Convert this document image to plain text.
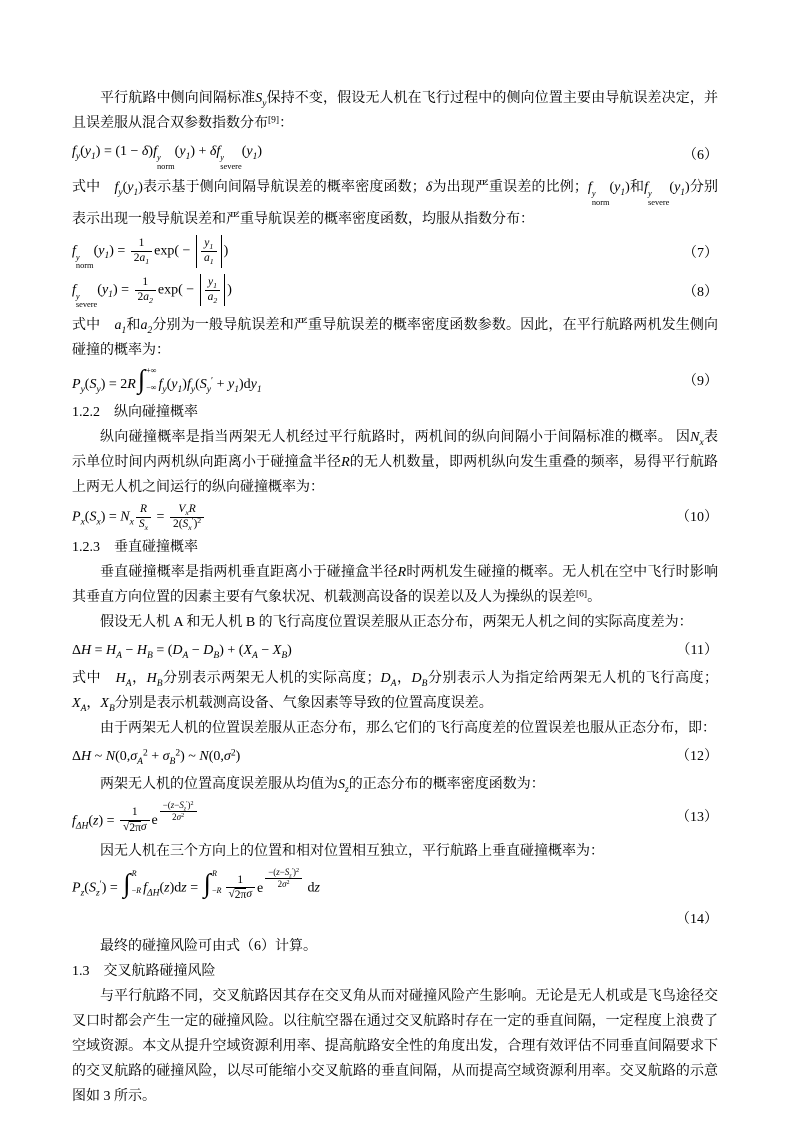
平行航路中侧向间隔标准$S_y$保持不变，假设无人机在飞行过程中的侧向位置主要由导航误差决定，并且误差服从混合双参数指数分布[9]：
$f_y(y_1) = (1 - \delta)f$ y
norm
$(y_1) + \delta f$ y
severe
$(y_1)$	（6）
式中　$f_y(y_1)$表示基于侧向间隔导航误差的概率密度函数；δ为出现严重误差的比例；f y
norm
$(y_1)$和f y
severe
$(y_1)$分别表示出现一般导航误差和严重导航误差的概率密度函数，均服从指数分布：
f y
norm
$(y_1) = \frac{1}{2a_1} \exp( - \frac{y_1}{a_1}$ )	（7）
f y
severe
$(y_1) = \frac{1}{2a_2} \exp( - \frac{y_1}{a_2}$ )	（8）
式中　$a_1$和$a_2$分别为一般导航误差和严重导航误差的概率密度函数参数。因此，在平行航路两机发生侧向碰撞的概率为：
$P_y(S_y) = 2R$ ∫ +∞
−∞ $f_y(y_1)f_y(S_y' + y_1)dy_1$
（9）
1.2.2　纵向碰撞概率
纵向碰撞概率是指当两架无人机经过平行航路时，两机间的纵向间隔小于间隔标准的概率。 因$N_x$表示单位时间内两机纵向距离小于碰撞盒半径R的无人机数量，即两机纵向发生重叠的频率，易得平行航路上两无人机之间运行的纵向碰撞概率为：
$P_x(S_x) = N_x \frac{R}{S_x} = \frac{V_xR}{2(S_x')^2}$	（10）
1.2.3　垂直碰撞概率
垂直碰撞概率是指两机垂直距离小于碰撞盒半径R时两机发生碰撞的概率。无人机在空中飞行时影响其垂直方向位置的因素主要有气象状况、机载测高设备的误差以及人为操纵的误差[6]。
假设无人机 A 和无人机 B 的飞行高度位置误差服从正态分布，两架无人机之间的实际高度差为：
$\Delta H = H_A - H_B = (D_A - D_B) + (X_A - X_B)$	（11）
式中　$H_A$，$H_B$分别表示两架无人机的实际高度；$D_A$，$D_B$分别表示人为指定给两架无人机的飞行高度；$X_A$，$X_B$分别是表示机载测高设备、气象因素等导致的位置高度误差。
由于两架无人机的位置误差服从正态分布，那么它们的飞行高度差的位置误差也服从正态分布，即：
ΔH ~ $N(0,\sigma_A^2 + \sigma_B^2)$ ~ $N(0,\sigma^2)$	（12）
两架无人机的位置高度误差服从均值为$S_z$的正态分布的概率密度函数为：
$f_{\Delta H}(z) = \frac{1}{\text{√ 2π σ}}$ e $^{\frac{-(z-S_z')^2}{2\sigma^2}}$	（13）
因无人机在三个方向上的位置和相对位置相互独立，平行航路上垂直碰撞概率为：
$P_z(S_z')$ = ∫ R
−R $f_{\Delta H}(z)dz$ = ∫ R
$-R \frac{1}{\text{√ 2π σ}}$ e $^{\frac{-(z-S_z')^2}{2\sigma^2}}$ dz
（14）
最终的碰撞风险可由式（6）计算。
1.3　交叉航路碰撞风险
与平行航路不同，交叉航路因其存在交叉角从而对碰撞风险产生影响。无论是无人机或是飞鸟途径交叉口时都会产生一定的碰撞风险。以往航空器在通过交叉航路时存在一定的垂直间隔，一定程度上浪费了空域资源。本文从提升空域资源利用率、提高航路安全性的角度出发，合理有效评估不同垂直间隔要求下的交叉航路的碰撞风险，以尽可能缩小交叉航路的垂直间隔，从而提高空域资源利用率。交叉航路的示意图如 3 所示。
